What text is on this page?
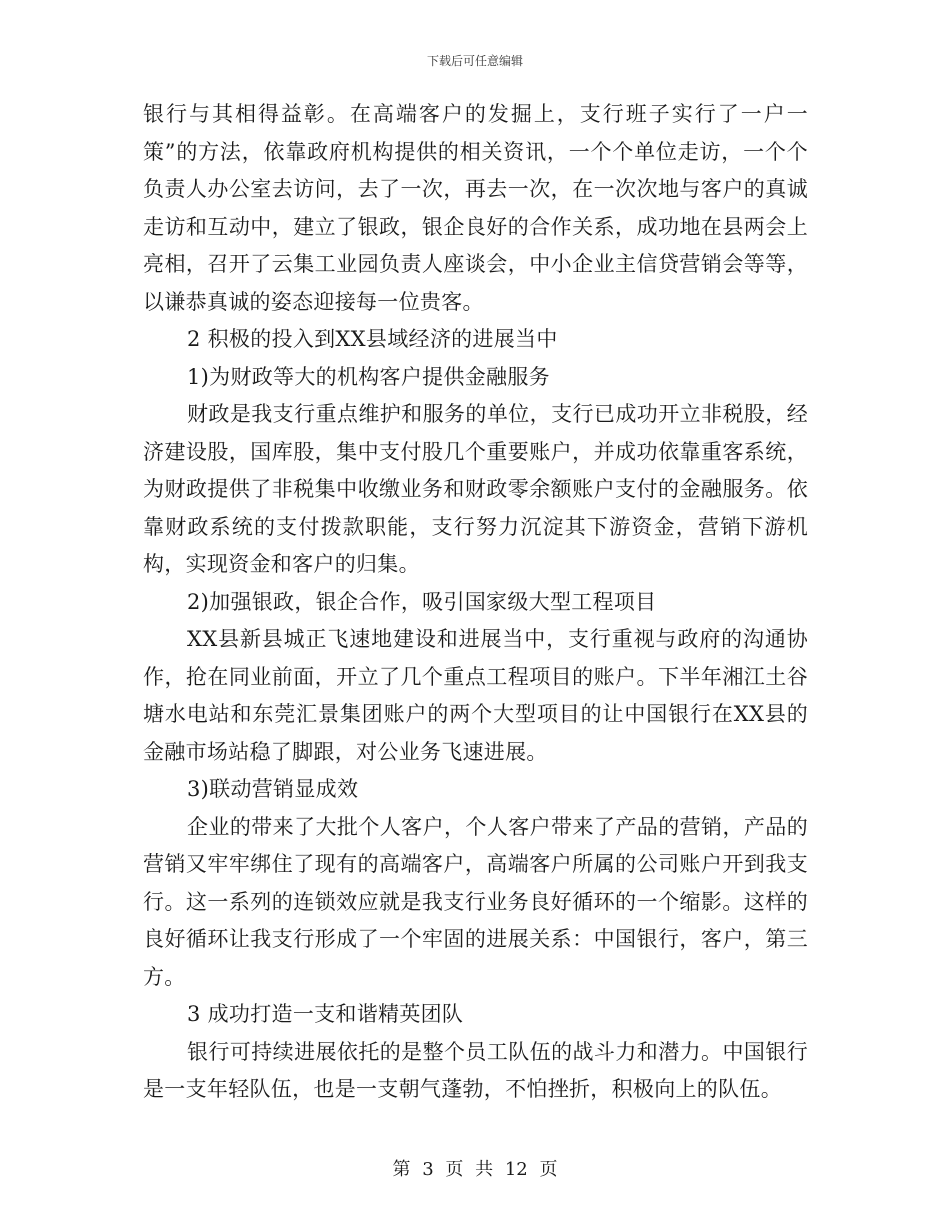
下载后可任意编辑

银行与其相得益彰。在高端客户的发掘上，支行班子实行了一户一策”的方法，依靠政府机构提供的相关资讯，一个个单位走访，一个个负责人办公室去访问，去了一次，再去一次，在一次次地与客户的真诚走访和互动中，建立了银政，银企良好的合作关系，成功地在县两会上亮相，召开了云集工业园负责人座谈会，中小企业主信贷营销会等等，以谦恭真诚的姿态迎接每一位贵客。

2 积极的投入到XX县域经济的进展当中

1)为财政等大的机构客户提供金融服务

财政是我支行重点维护和服务的单位，支行已成功开立非税股，经济建设股，国库股，集中支付股几个重要账户，并成功依靠重客系统，为财政提供了非税集中收缴业务和财政零余额账户支付的金融服务。依靠财政系统的支付拨款职能，支行努力沉淀其下游资金，营销下游机构，实现资金和客户的归集。

2)加强银政，银企合作，吸引国家级大型工程项目

XX县新县城正飞速地建设和进展当中，支行重视与政府的沟通协作，抢在同业前面，开立了几个重点工程项目的账户。下半年湘江土谷塘水电站和东莞汇景集团账户的两个大型项目的让中国银行在XX县的金融市场站稳了脚跟，对公业务飞速进展。

3)联动营销显成效

企业的带来了大批个人客户，个人客户带来了产品的营销，产品的营销又牢牢绑住了现有的高端客户，高端客户所属的公司账户开到我支行。这一系列的连锁效应就是我支行业务良好循环的一个缩影。这样的良好循环让我支行形成了一个牢固的进展关系：中国银行，客户，第三方。

3 成功打造一支和谐精英团队

银行可持续进展依托的是整个员工队伍的战斗力和潜力。中国银行是一支年轻队伍，也是一支朝气蓬勃，不怕挫折，积极向上的队伍。

第 3 页 共 12 页
